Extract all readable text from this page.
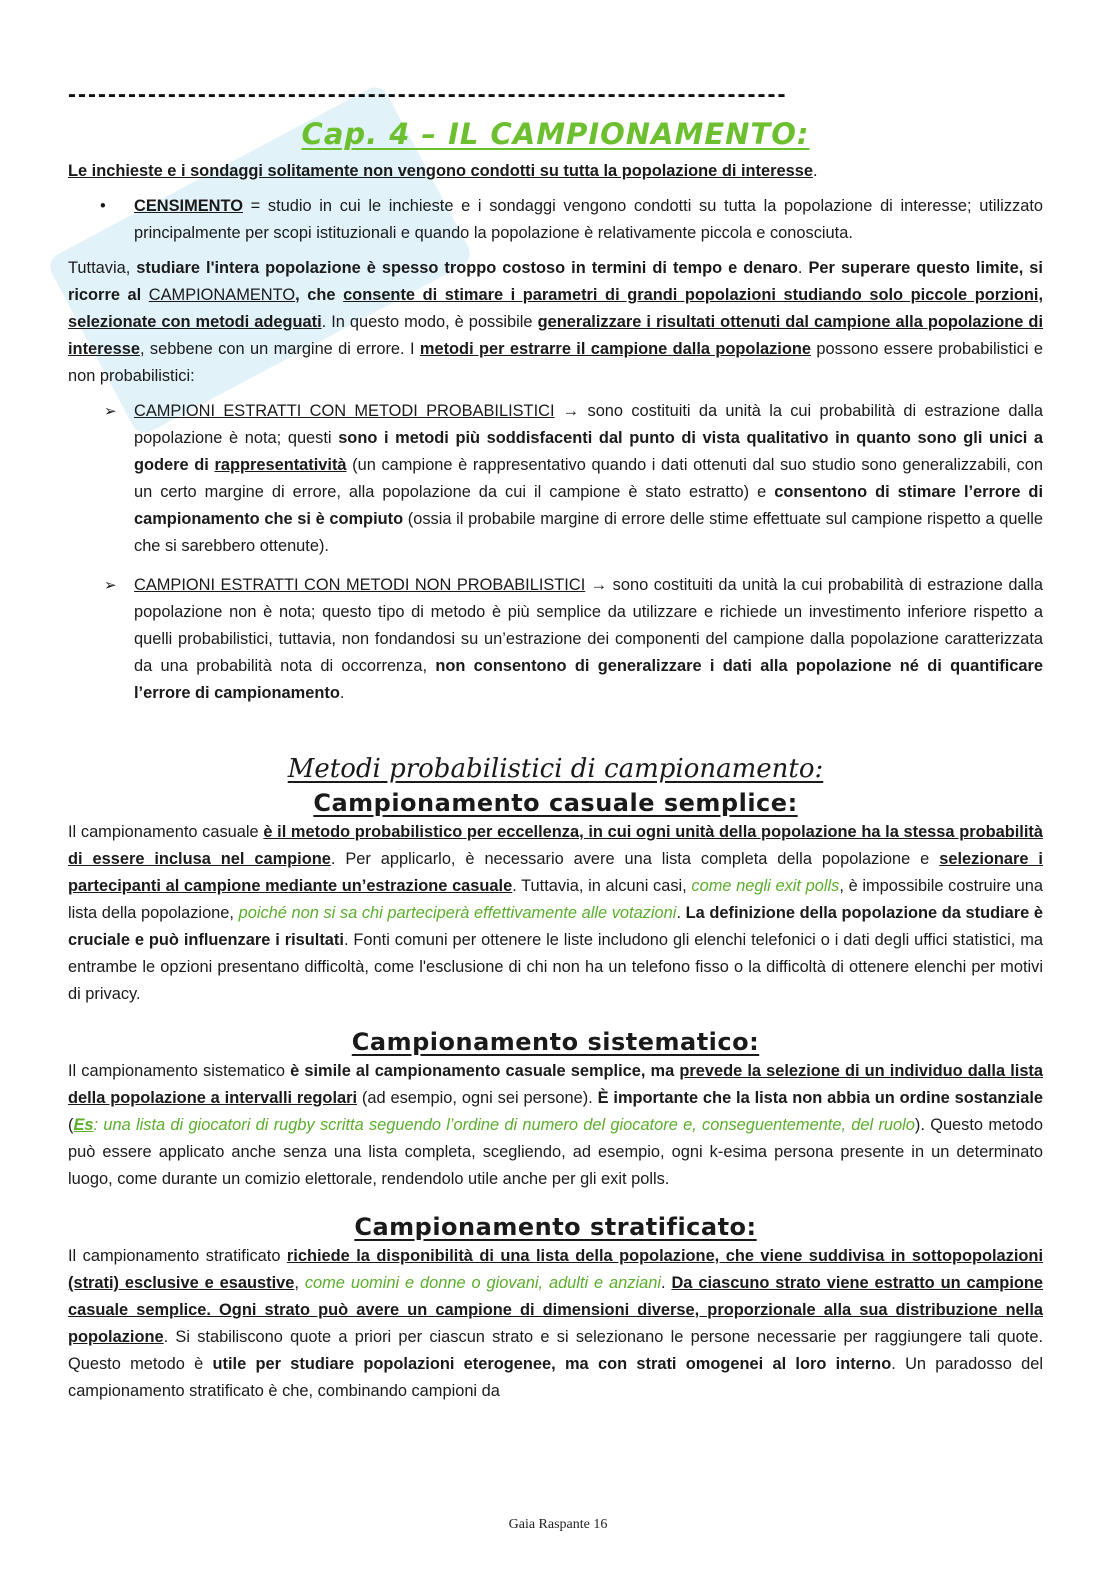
------------------------------------------------------------------------
Cap. 4 – IL CAMPIONAMENTO:

Le inchieste e i sondaggi solitamente non vengono condotti su tutta la popolazione di interesse.

• CENSIMENTO = studio in cui le inchieste e i sondaggi vengono condotti su tutta la popolazione di interesse; utilizzato principalmente per scopi istituzionali e quando la popolazione è relativamente piccola e conosciuta.

Tuttavia, studiare l'intera popolazione è spesso troppo costoso in termini di tempo e denaro. Per superare questo limite, si ricorre al CAMPIONAMENTO, che consente di stimare i parametri di grandi popolazioni studiando solo piccole porzioni, selezionate con metodi adeguati. In questo modo, è possibile generalizzare i risultati ottenuti dal campione alla popolazione di interesse, sebbene con un margine di errore. I metodi per estrarre il campione dalla popolazione possono essere probabilistici e non probabilistici:

➢ CAMPIONI ESTRATTI CON METODI PROBABILISTICI → sono costituiti da unità la cui probabilità di estrazione dalla popolazione è nota; questi sono i metodi più soddisfacenti dal punto di vista qualitativo in quanto sono gli unici a godere di rappresentatività (un campione è rappresentativo quando i dati ottenuti dal suo studio sono generalizzabili, con un certo margine di errore, alla popolazione da cui il campione è stato estratto) e consentono di stimare l’errore di campionamento che si è compiuto (ossia il probabile margine di errore delle stime effettuate sul campione rispetto a quelle che si sarebbero ottenute).
➢ CAMPIONI ESTRATTI CON METODI NON PROBABILISTICI → sono costituiti da unità la cui probabilità di estrazione dalla popolazione non è nota; questo tipo di metodo è più semplice da utilizzare e richiede un investimento inferiore rispetto a quelli probabilistici, tuttavia, non fondandosi su un’estrazione dei componenti del campione dalla popolazione caratterizzata da una probabilità nota di occorrenza, non consentono di generalizzare i dati alla popolazione né di quantificare l’errore di campionamento.
Metodi probabilistici di campionamento:
Campionamento casuale semplice:

Il campionamento casuale è il metodo probabilistico per eccellenza, in cui ogni unità della popolazione ha la stessa probabilità di essere inclusa nel campione. Per applicarlo, è necessario avere una lista completa della popolazione e selezionare i partecipanti al campione mediante un’estrazione casuale. Tuttavia, in alcuni casi, come negli exit polls, è impossibile costruire una lista della popolazione, poiché non si sa chi parteciperà effettivamente alle votazioni. La definizione della popolazione da studiare è cruciale e può influenzare i risultati. Fonti comuni per ottenere le liste includono gli elenchi telefonici o i dati degli uffici statistici, ma entrambe le opzioni presentano difficoltà, come l'esclusione di chi non ha un telefono fisso o la difficoltà di ottenere elenchi per motivi di privacy.

Campionamento sistematico:

Il campionamento sistematico è simile al campionamento casuale semplice, ma prevede la selezione di un individuo dalla lista della popolazione a intervalli regolari (ad esempio, ogni sei persone). È importante che la lista non abbia un ordine sostanziale (Es: una lista di giocatori di rugby scritta seguendo l’ordine di numero del giocatore e, conseguentemente, del ruolo). Questo metodo può essere applicato anche senza una lista completa, scegliendo, ad esempio, ogni k-esima persona presente in un determinato luogo, come durante un comizio elettorale, rendendolo utile anche per gli exit polls.

Campionamento stratificato:

Il campionamento stratificato richiede la disponibilità di una lista della popolazione, che viene suddivisa in sottopopolazioni (strati) esclusive e esaustive, come uomini e donne o giovani, adulti e anziani. Da ciascuno strato viene estratto un campione casuale semplice. Ogni strato può avere un campione di dimensioni diverse, proporzionale alla sua distribuzione nella popolazione. Si stabiliscono quote a priori per ciascun strato e si selezionano le persone necessarie per raggiungere tali quote. Questo metodo è utile per studiare popolazioni eterogenee, ma con strati omogenei al loro interno. Un paradosso del campionamento stratificato è che, combinando campioni da

Gaia Raspante 16
